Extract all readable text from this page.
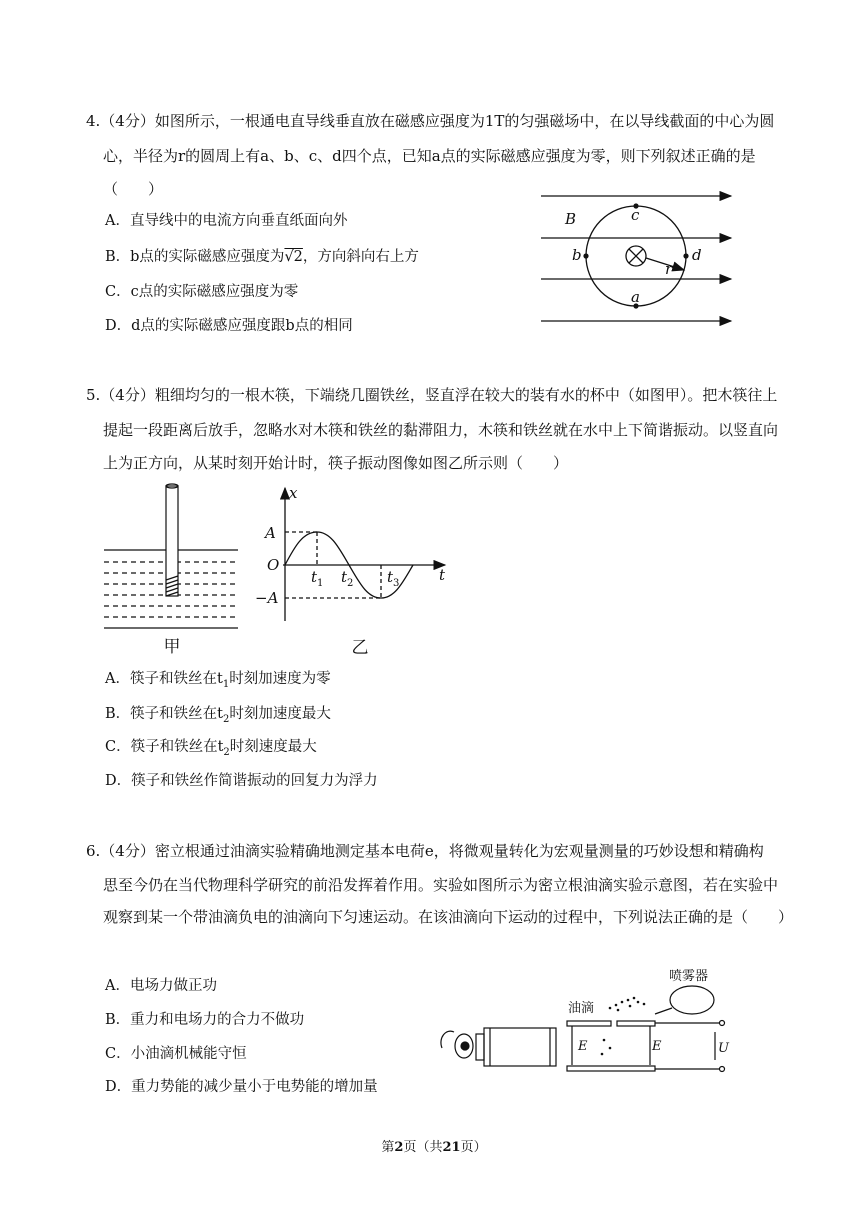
4.（4分）如图所示，一根通电直导线垂直放在磁感应强度为1T的匀强磁场中，在以导线截面的中心为圆
心，半径为r的圆周上有a、b、c、d四个点，已知a点的实际磁感应强度为零，则下列叙述正确的是
（　　）
A．直导线中的电流方向垂直纸面向外
B．b点的实际磁感应强度为√2，方向斜向右上方
C．c点的实际磁感应强度为零
D．d点的实际磁感应强度跟b点的相同
B	c
a
b	d
r
5.（4分）粗细均匀的一根木筷，下端绕几圈铁丝，竖直浮在较大的装有水的杯中（如图甲）。把木筷往上
提起一段距离后放手，忽略水对木筷和铁丝的黏滞阻力，木筷和铁丝就在水中上下简谐振动。以竖直向
上为正方向，从某时刻开始计时，筷子振动图像如图乙所示则（　　）
甲
x
t
A
−A
O
$t_1$ $t_2$ $t_3$
乙
A．筷子和铁丝在$t_1$时刻加速度为零
B．筷子和铁丝在$t_2$时刻加速度最大
C．筷子和铁丝在$t_2$时刻速度最大
D．筷子和铁丝作简谐振动的回复力为浮力
6.（4分）密立根通过油滴实验精确地测定基本电荷e，将微观量转化为宏观量测量的巧妙设想和精确构
思至今仍在当代物理科学研究的前沿发挥着作用。实验如图所示为密立根油滴实验示意图，若在实验中
观察到某一个带油滴负电的油滴向下匀速运动。在该油滴向下运动的过程中，下列说法正确的是（　　）
A．电场力做正功
B．重力和电场力的合力不做功
C．小油滴机械能守恒
D．重力势能的减少量小于电势能的增加量
喷雾器
油滴
E	E	U
第2页（共21页）
